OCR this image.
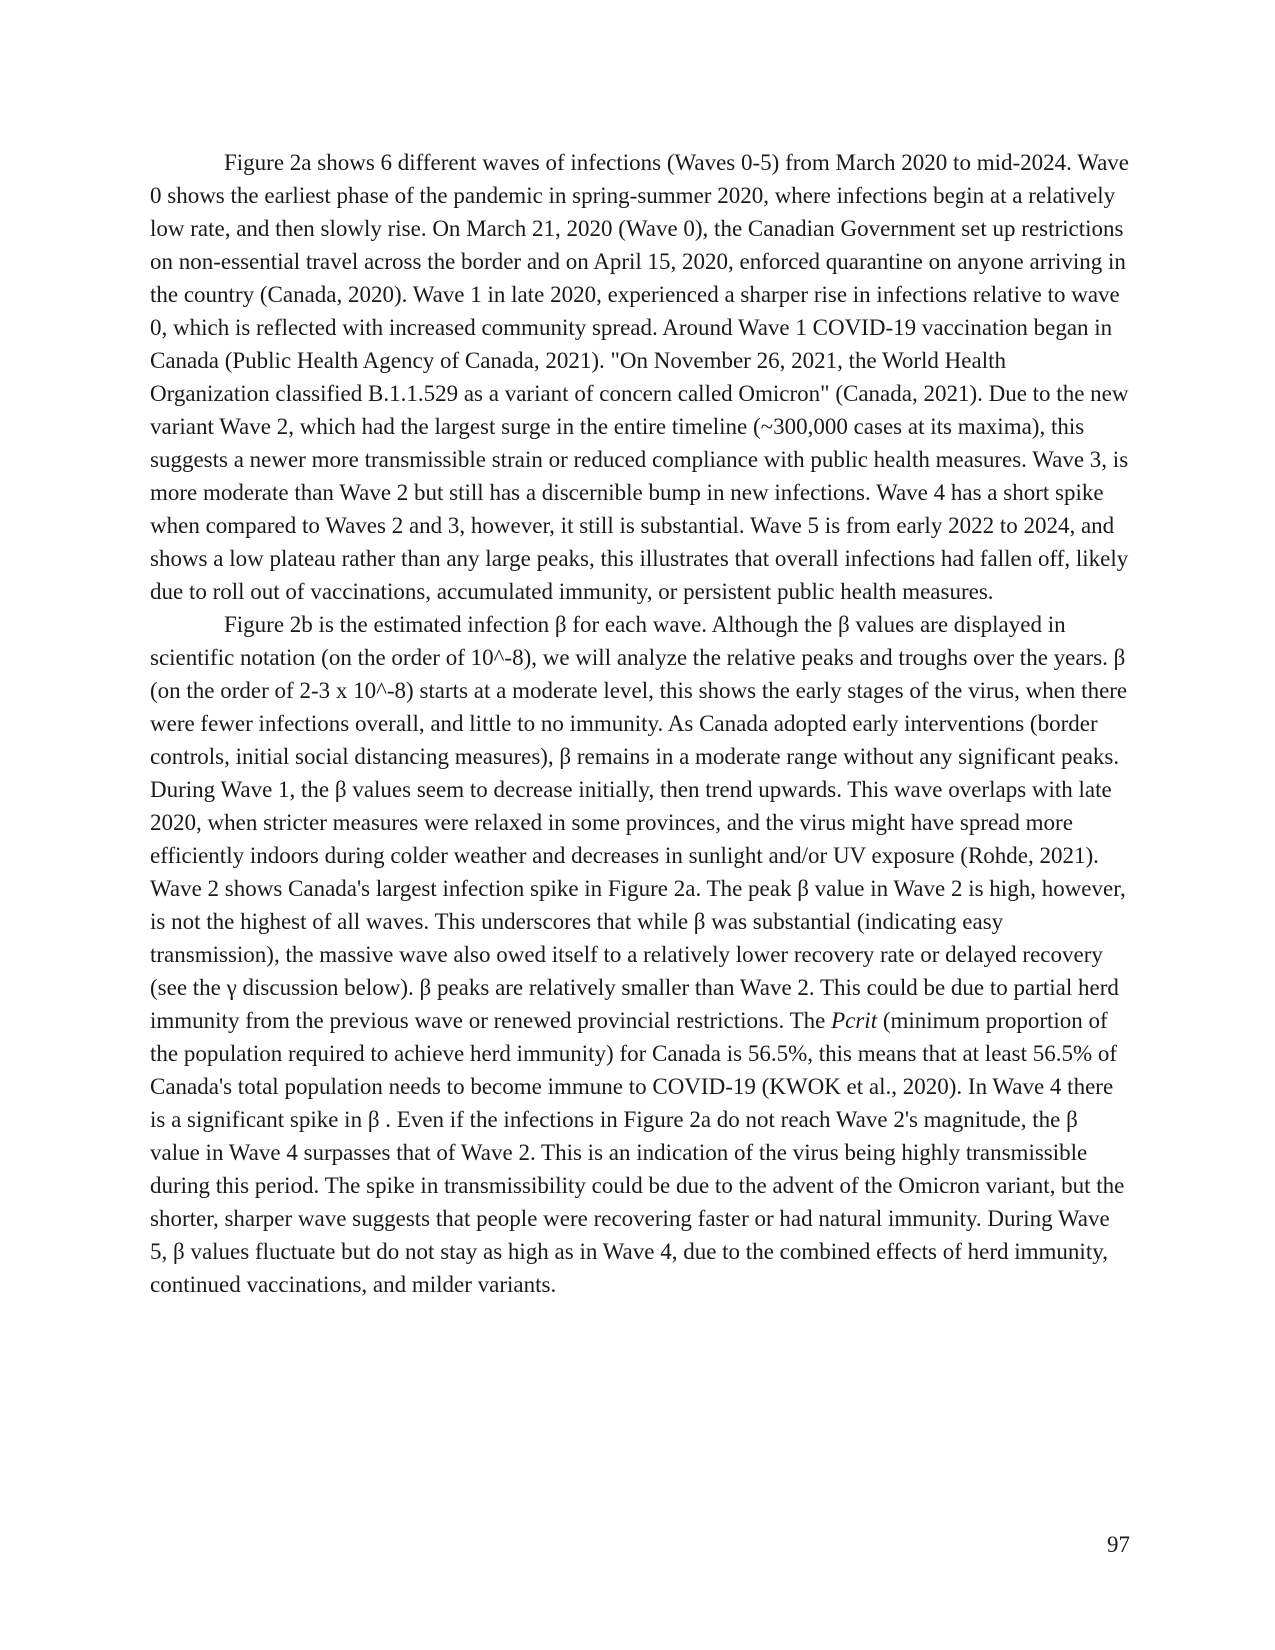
Figure 2a shows 6 different waves of infections (Waves 0-5) from March 2020 to mid-2024. Wave 0 shows the earliest phase of the pandemic in spring-summer 2020, where infections begin at a relatively low rate, and then slowly rise. On March 21, 2020 (Wave 0), the Canadian Government set up restrictions on non-essential travel across the border and on April 15, 2020, enforced quarantine on anyone arriving in the country (Canada, 2020). Wave 1 in late 2020, experienced a sharper rise in infections relative to wave 0, which is reflected with increased community spread. Around Wave 1 COVID-19 vaccination began in Canada (Public Health Agency of Canada, 2021). "On November 26, 2021, the World Health Organization classified B.1.1.529 as a variant of concern called Omicron" (Canada, 2021). Due to the new variant Wave 2, which had the largest surge in the entire timeline (~300,000 cases at its maxima), this suggests a newer more transmissible strain or reduced compliance with public health measures. Wave 3, is more moderate than Wave 2 but still has a discernible bump in new infections. Wave 4 has a short spike when compared to Waves 2 and 3, however, it still is substantial. Wave 5 is from early 2022 to 2024, and shows a low plateau rather than any large peaks, this illustrates that overall infections had fallen off, likely due to roll out of vaccinations, accumulated immunity, or persistent public health measures.

Figure 2b is the estimated infection β for each wave. Although the β values are displayed in scientific notation (on the order of 10^-8), we will analyze the relative peaks and troughs over the years. β (on the order of 2-3 x 10^-8) starts at a moderate level, this shows the early stages of the virus, when there were fewer infections overall, and little to no immunity. As Canada adopted early interventions (border controls, initial social distancing measures), β remains in a moderate range without any significant peaks. During Wave 1, the β values seem to decrease initially, then trend upwards. This wave overlaps with late 2020, when stricter measures were relaxed in some provinces, and the virus might have spread more efficiently indoors during colder weather and decreases in sunlight and/or UV exposure (Rohde, 2021). Wave 2 shows Canada's largest infection spike in Figure 2a. The peak β value in Wave 2 is high, however, is not the highest of all waves. This underscores that while β was substantial (indicating easy transmission), the massive wave also owed itself to a relatively lower recovery rate or delayed recovery (see the γ discussion below). β peaks are relatively smaller than Wave 2. This could be due to partial herd immunity from the previous wave or renewed provincial restrictions. The Pcrit (minimum proportion of the population required to achieve herd immunity) for Canada is 56.5%, this means that at least 56.5% of Canada's total population needs to become immune to COVID-19 (KWOK et al., 2020). In Wave 4 there is a significant spike in β . Even if the infections in Figure 2a do not reach Wave 2's magnitude, the β value in Wave 4 surpasses that of Wave 2. This is an indication of the virus being highly transmissible during this period. The spike in transmissibility could be due to the advent of the Omicron variant, but the shorter, sharper wave suggests that people were recovering faster or had natural immunity. During Wave 5, β values fluctuate but do not stay as high as in Wave 4, due to the combined effects of herd immunity, continued vaccinations, and milder variants.

97
